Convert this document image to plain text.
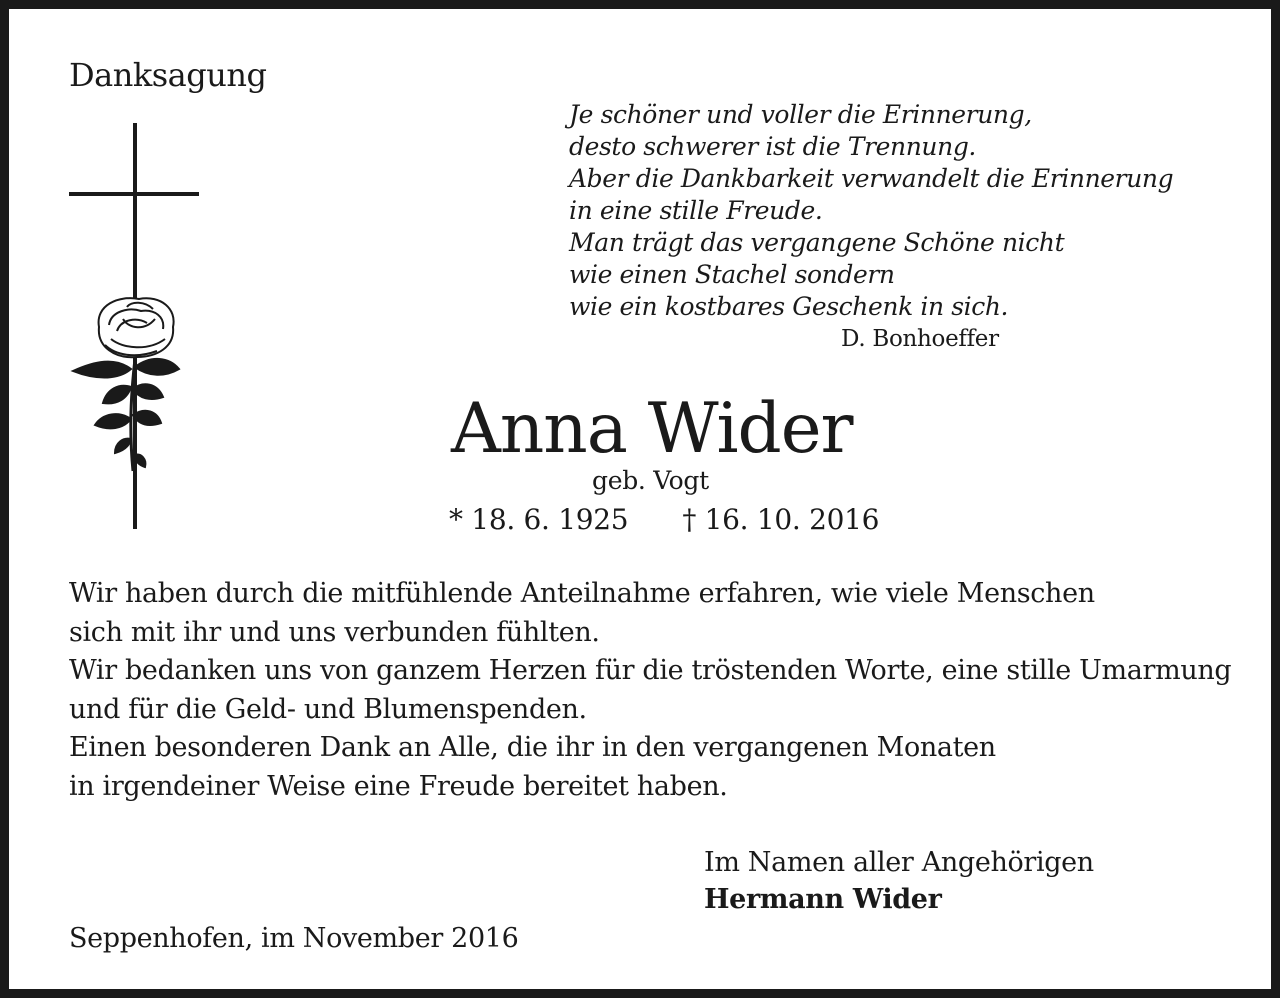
Danksagung
Je schöner und voller die Erinnerung,
desto schwerer ist die Trennung.
Aber die Dankbarkeit verwandelt die Erinnerung
in eine stille Freude.
Man trägt das vergangene Schöne nicht
wie einen Stachel sondern
wie ein kostbares Geschenk in sich.
D. Bonhoeffer
Anna Wider
geb. Vogt
* 18. 6. 1925 † 16. 10. 2016
Wir haben durch die mitfühlende Anteilnahme erfahren, wie viele Menschen
sich mit ihr und uns verbunden fühlten.
Wir bedanken uns von ganzem Herzen für die tröstenden Worte, eine stille Umarmung
und für die Geld- und Blumenspenden.
Einen besonderen Dank an Alle, die ihr in den vergangenen Monaten
in irgendeiner Weise eine Freude bereitet haben.
Im Namen aller Angehörigen
Hermann Wider
Seppenhofen, im November 2016
